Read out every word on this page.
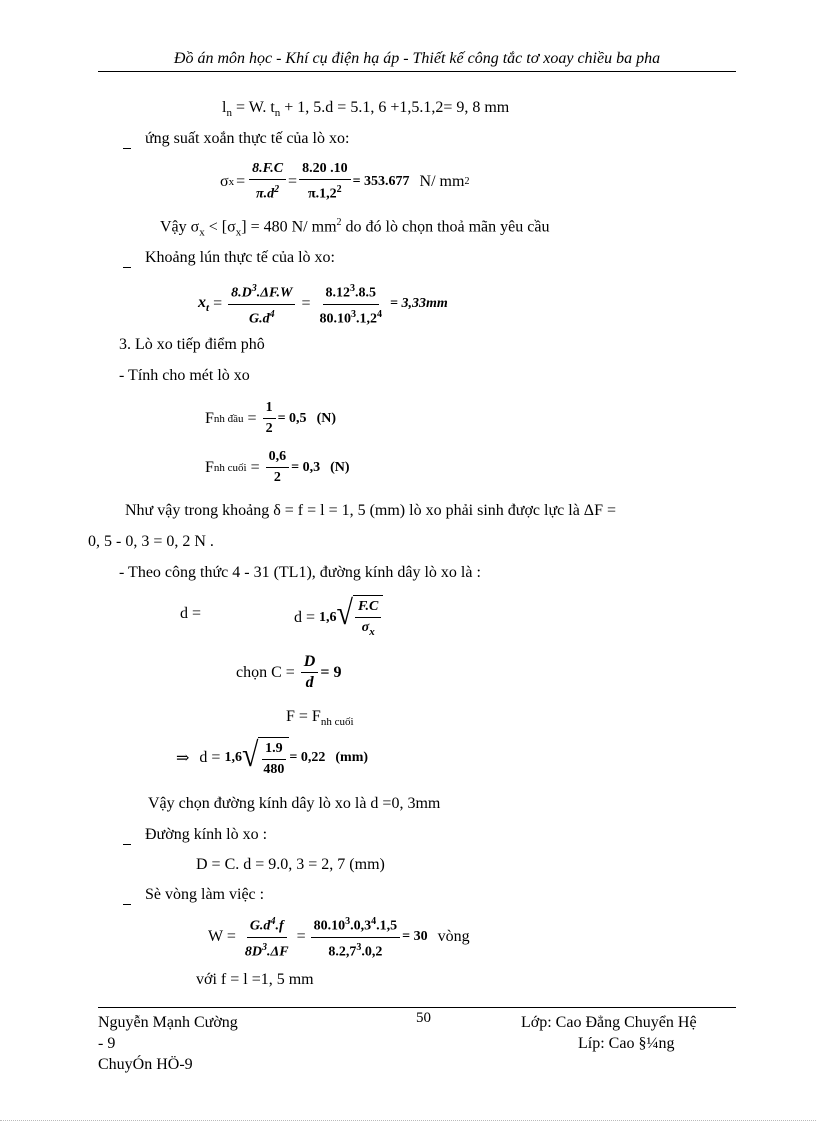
Đồ án môn học - Khí cụ điện hạ áp - Thiết kế công tắc tơ xoay chiều ba pha
$l_n = W$. $t_n + 1$, 5.d = 5.1, 6 +1,5.1,2= 9, 8 mm
ứng suất xoắn thực tế của lò xo:
σ $x = \frac{8.F.C}{\pi.d^2} = \frac{8.20 .10}{\pi.1,2^2} = 353.677$ N/ mm 2
Vậy $\sigma_x < [\sigma_x] = 480$ N/ $mm^2$ do đó lò chọn thoả mãn yêu cầu
Khoảng lún thực tế của lò xo:
$x_t = \frac{8.D^3.\Delta F.W}{G.d^4} = \frac{8.12^3.8.5}{80.10^3.1,2^4} = 3,33mm$
3. Lò xo tiếp điểm phô
- Tính cho mét lò xo
F nh đầu = $\frac{1}{2} = 0,5$ (N)
F nh cuối = $\frac{0,6}{2} = 0,3$ (N)
Như vậy trong khoảng δ = f = l = 1, 5 (mm) lò xo phải sinh được lực là ΔF =
0, 5 - 0, 3 = 0, 2 N .
- Theo công thức 4 - 31 (TL1), đường kính dây lò xo là :
d =	d = 1,6 √ $\frac{F.C}{\sigma_x}$
chọn $C = \frac{D}{d} = 9$
$F = F_{nh cuối}$
⇒ d = 1,6 √ $\frac{1.9}{480} = 0,22$ (mm)
Vậy chọn đường kính dây lò xo là d =0, 3mm
Đường kính lò xo :
D = C. d = 9.0, 3 = 2, 7 (mm)
Sè vòng làm việc :
$W = \frac{G.d^4.f}{8D^3.\Delta F} = \frac{80.10^3.0,3^4.1,5}{8.2,7^3.0,2} = 30$ vòng
với f = l =1, 5 mm
Nguyễn Mạnh Cường
- 9
ChuyÓn HÖ-9
50	Lớp: Cao Đẳng Chuyển Hệ
Líp: Cao §¼ng
